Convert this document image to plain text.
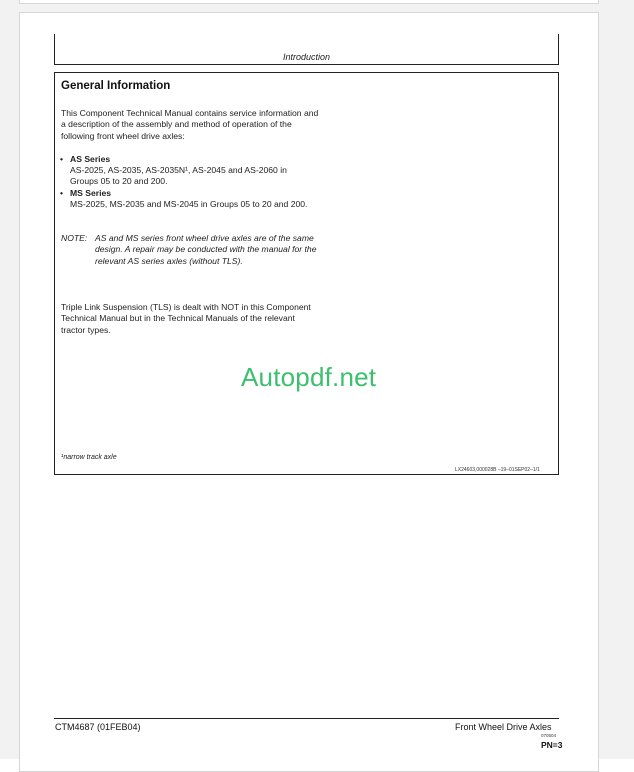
Introduction
General Information
This Component Technical Manual contains service information and a description of the assembly and method of operation of the following front wheel drive axles:
• AS Series
AS-2025, AS-2035, AS-2035N¹, AS-2045 and AS-2060 in Groups 05 to 20 and 200.
• MS Series
MS-2025, MS-2035 and MS-2045 in Groups 05 to 20 and 200.
NOTE: AS and MS series front wheel drive axles are of the same design. A repair may be conducted with the manual for the relevant AS series axles (without TLS).
Triple Link Suspension (TLS) is dealt with NOT in this Component Technical Manual but in the Technical Manuals of the relevant tractor types.
Autopdf.net
¹narrow track axle
LX24603,000028B –19–01SEP02–1/1
CTM4687 (01FEB04)	Front Wheel Drive Axles
070504
PN=3
